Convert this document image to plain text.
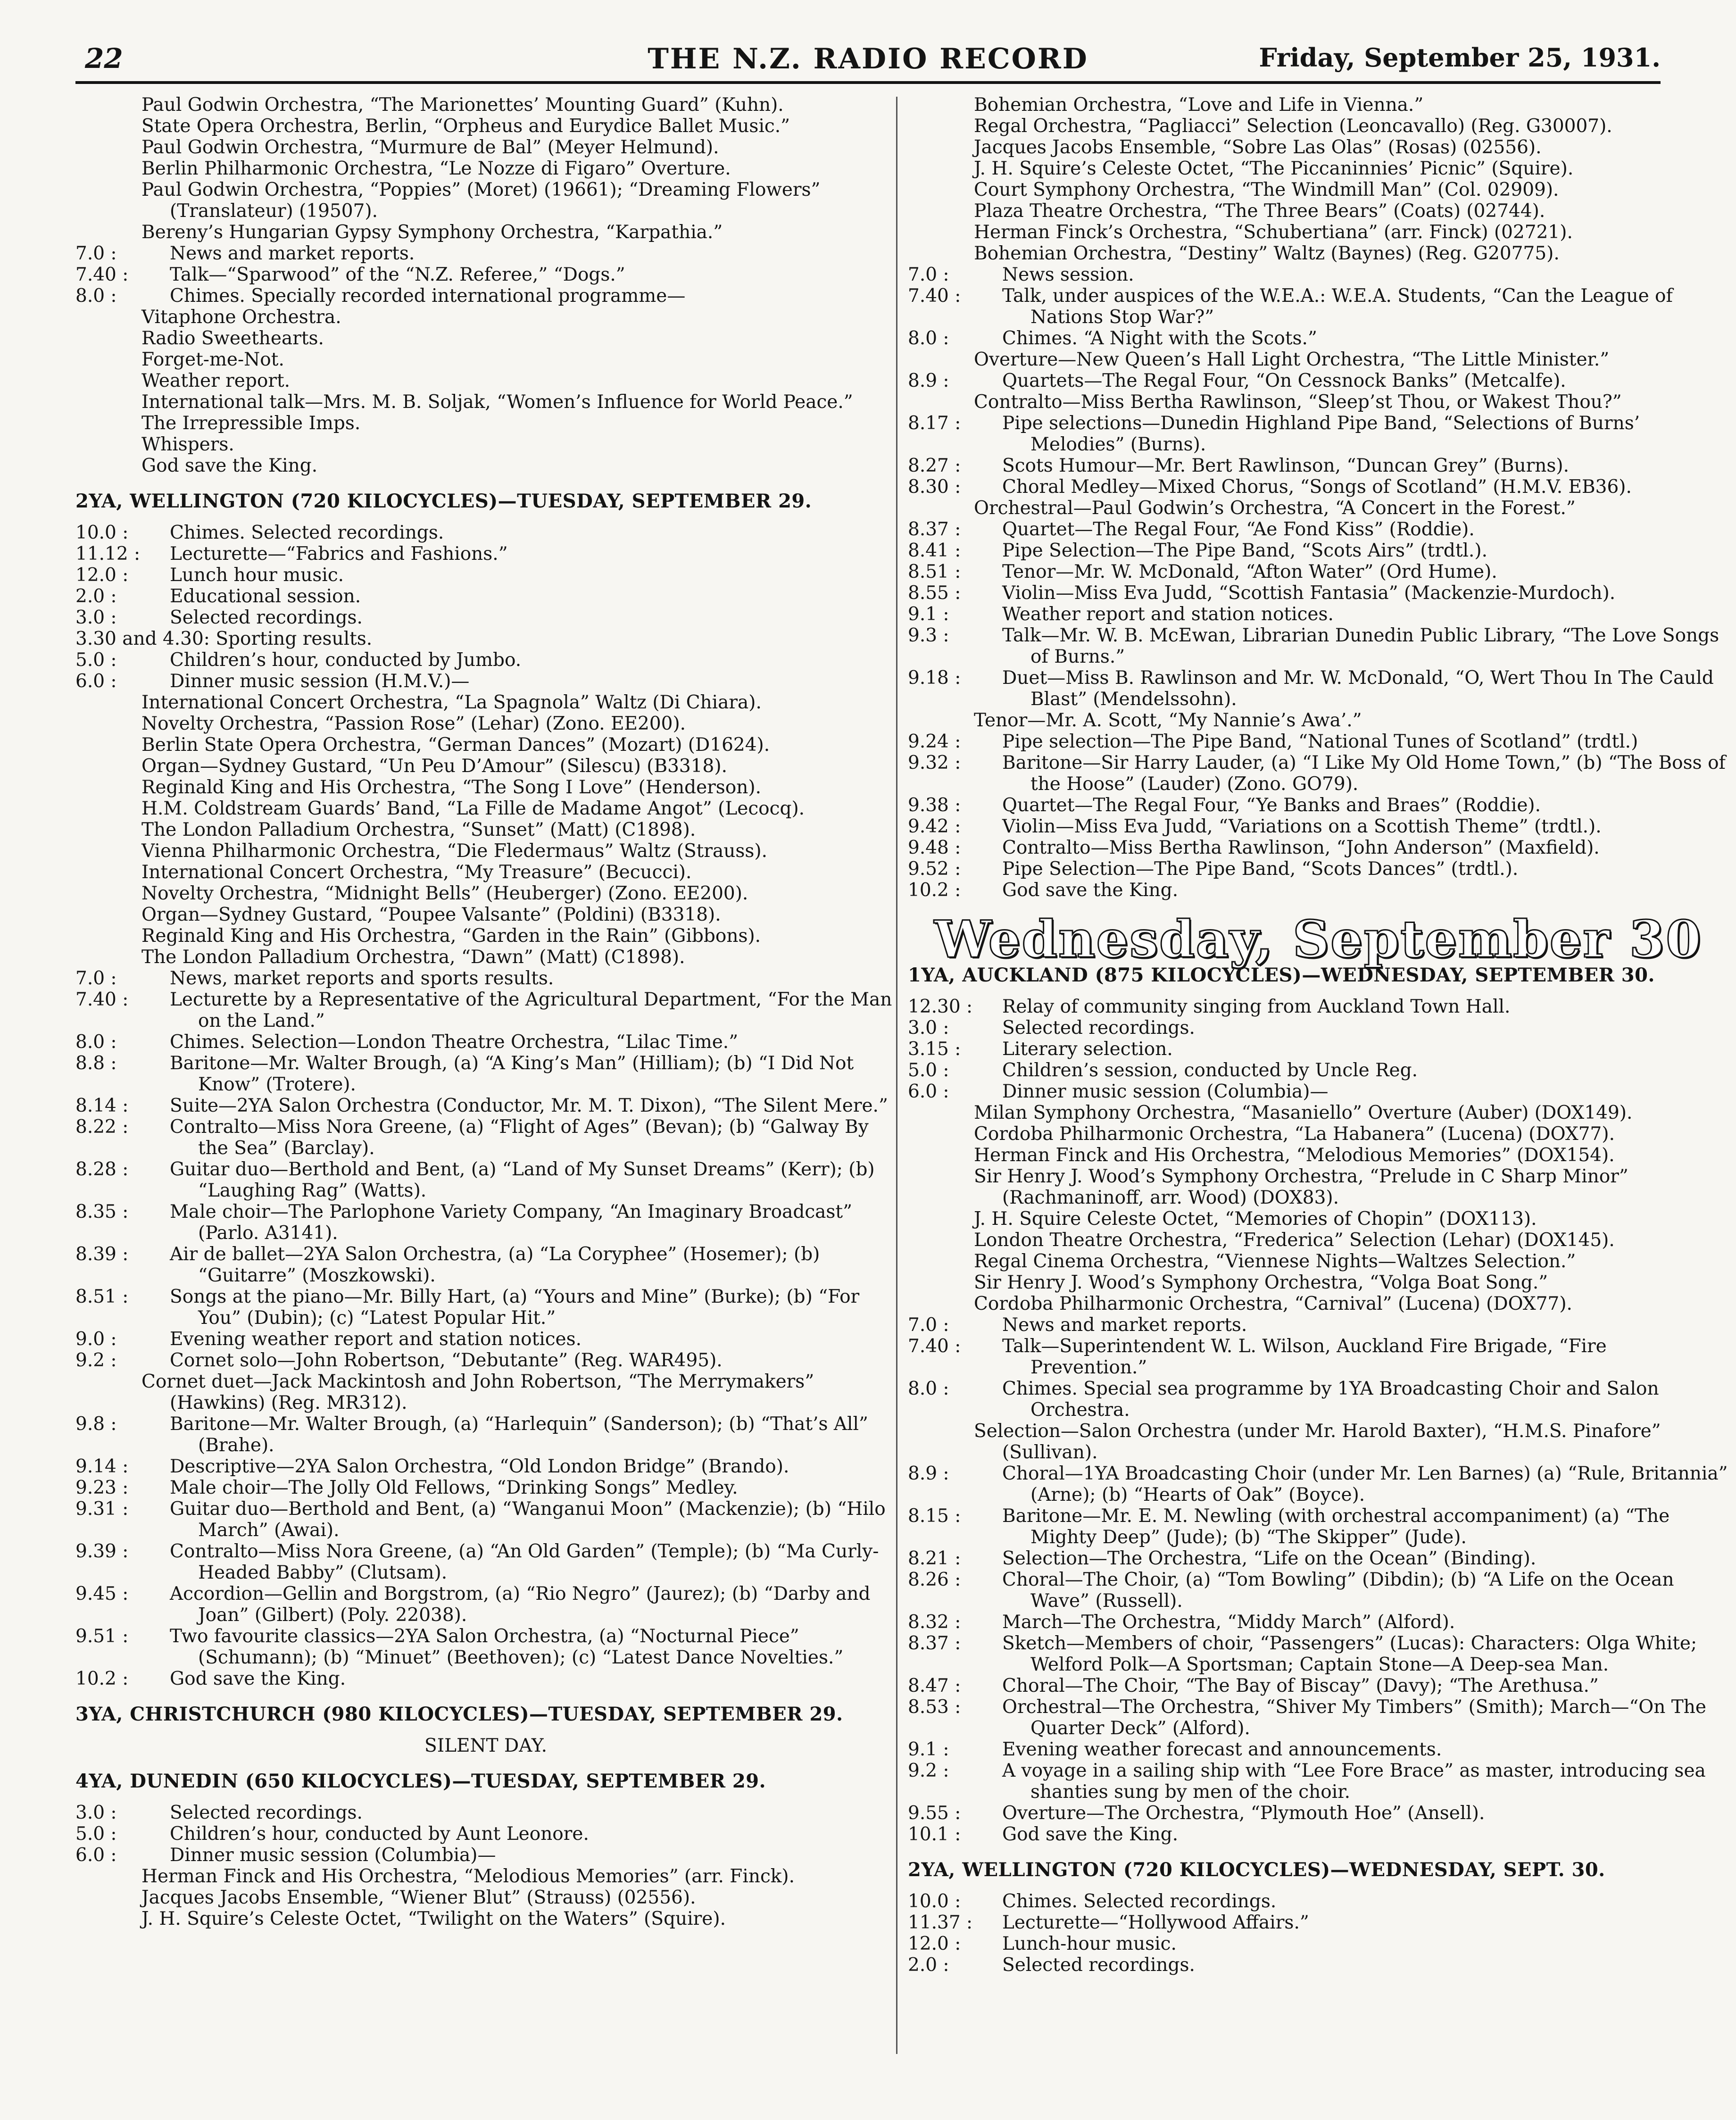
22	THE N.Z. RADIO RECORD	Friday, September 25, 1931.
Paul Godwin Orchestra, “The Marionettes’ Mounting Guard” (Kuhn).
State Opera Orchestra, Berlin, “Orpheus and Eurydice Ballet Music.”
Paul Godwin Orchestra, “Murmure de Bal” (Meyer Helmund).
Berlin Philharmonic Orchestra, “Le Nozze di Figaro” Overture.
Paul Godwin Orchestra, “Poppies” (Moret) (19661); “Dreaming Flowers” (Translateur) (19507).
Bereny’s Hungarian Gypsy Symphony Orchestra, “Karpathia.”
7.0 :	News and market reports.
7.40 :	Talk—“Sparwood” of the “N.Z. Referee,” “Dogs.”
8.0 :	Chimes. Specially recorded international programme—
Vitaphone Orchestra.
Radio Sweethearts.
Forget-me-Not.
Weather report.
International talk—Mrs. M. B. Soljak, “Women’s Influence for World Peace.”
The Irrepressible Imps.
Whispers.
God save the King.
2YA, WELLINGTON (720 KILOCYCLES)—TUESDAY, SEPTEMBER 29.
10.0 :	Chimes. Selected recordings.
11.12 :	Lecturette—“Fabrics and Fashions.”
12.0 :	Lunch hour music.
2.0 :	Educational session.
3.0 :	Selected recordings.
3.30 and 4.30: Sporting results.
5.0 :	Children’s hour, conducted by Jumbo.
6.0 :	Dinner music session (H.M.V.)—
International Concert Orchestra, “La Spagnola” Waltz (Di Chiara).
Novelty Orchestra, “Passion Rose” (Lehar) (Zono. EE200).
Berlin State Opera Orchestra, “German Dances” (Mozart) (D1624).
Organ—Sydney Gustard, “Un Peu D’Amour” (Silescu) (B3318).
Reginald King and His Orchestra, “The Song I Love” (Henderson).
H.M. Coldstream Guards’ Band, “La Fille de Madame Angot” (Lecocq).
The London Palladium Orchestra, “Sunset” (Matt) (C1898).
Vienna Philharmonic Orchestra, “Die Fledermaus” Waltz (Strauss).
International Concert Orchestra, “My Treasure” (Becucci).
Novelty Orchestra, “Midnight Bells” (Heuberger) (Zono. EE200).
Organ—Sydney Gustard, “Poupee Valsante” (Poldini) (B3318).
Reginald King and His Orchestra, “Garden in the Rain” (Gibbons).
The London Palladium Orchestra, “Dawn” (Matt) (C1898).
7.0 :	News, market reports and sports results.
7.40 :	Lecturette by a Representative of the Agricultural Department, “For the Man on the Land.”
8.0 :	Chimes. Selection—London Theatre Orchestra, “Lilac Time.”
8.8 :	Baritone—Mr. Walter Brough, (a) “A King’s Man” (Hilliam); (b) “I Did Not Know” (Trotere).
8.14 :	Suite—2YA Salon Orchestra (Conductor, Mr. M. T. Dixon), “The Silent Mere.”
8.22 :	Contralto—Miss Nora Greene, (a) “Flight of Ages” (Bevan); (b) “Galway By the Sea” (Barclay).
8.28 :	Guitar duo—Berthold and Bent, (a) “Land of My Sunset Dreams” (Kerr); (b) “Laughing Rag” (Watts).
8.35 :	Male choir—The Parlophone Variety Company, “An Imaginary Broadcast” (Parlo. A3141).
8.39 :	Air de ballet—2YA Salon Orchestra, (a) “La Coryphee” (Hosemer); (b) “Guitarre” (Moszkowski).
8.51 :	Songs at the piano—Mr. Billy Hart, (a) “Yours and Mine” (Burke); (b) “For You” (Dubin); (c) “Latest Popular Hit.”
9.0 :	Evening weather report and station notices.
9.2 :	Cornet solo—John Robertson, “Debutante” (Reg. WAR495).
Cornet duet—Jack Mackintosh and John Robertson, “The Merrymakers” (Hawkins) (Reg. MR312).
9.8 :	Baritone—Mr. Walter Brough, (a) “Harlequin” (Sanderson); (b) “That’s All” (Brahe).
9.14 :	Descriptive—2YA Salon Orchestra, “Old London Bridge” (Brando).
9.23 :	Male choir—The Jolly Old Fellows, “Drinking Songs” Medley.
9.31 :	Guitar duo—Berthold and Bent, (a) “Wanganui Moon” (Mackenzie); (b) “Hilo March” (Awai).
9.39 :	Contralto—Miss Nora Greene, (a) “An Old Garden” (Temple); (b) “Ma Curly-Headed Babby” (Clutsam).
9.45 :	Accordion—Gellin and Borgstrom, (a) “Rio Negro” (Jaurez); (b) “Darby and Joan” (Gilbert) (Poly. 22038).
9.51 :	Two favourite classics—2YA Salon Orchestra, (a) “Nocturnal Piece” (Schumann); (b) “Minuet” (Beethoven); (c) “Latest Dance Novelties.”
10.2 :	God save the King.
3YA, CHRISTCHURCH (980 KILOCYCLES)—TUESDAY, SEPTEMBER 29.
SILENT DAY.
4YA, DUNEDIN (650 KILOCYCLES)—TUESDAY, SEPTEMBER 29.
3.0 :	Selected recordings.
5.0 :	Children’s hour, conducted by Aunt Leonore.
6.0 :	Dinner music session (Columbia)—
Herman Finck and His Orchestra, “Melodious Memories” (arr. Finck).
Jacques Jacobs Ensemble, “Wiener Blut” (Strauss) (02556).
J. H. Squire’s Celeste Octet, “Twilight on the Waters” (Squire).
Bohemian Orchestra, “Love and Life in Vienna.”
Regal Orchestra, “Pagliacci” Selection (Leoncavallo) (Reg. G30007).
Jacques Jacobs Ensemble, “Sobre Las Olas” (Rosas) (02556).
J. H. Squire’s Celeste Octet, “The Piccaninnies’ Picnic” (Squire).
Court Symphony Orchestra, “The Windmill Man” (Col. 02909).
Plaza Theatre Orchestra, “The Three Bears” (Coats) (02744).
Herman Finck’s Orchestra, “Schubertiana” (arr. Finck) (02721).
Bohemian Orchestra, “Destiny” Waltz (Baynes) (Reg. G20775).
7.0 :	News session.
7.40 :	Talk, under auspices of the W.E.A.: W.E.A. Students, “Can the League of Nations Stop War?”
8.0 :	Chimes. “A Night with the Scots.”
Overture—New Queen’s Hall Light Orchestra, “The Little Minister.”
8.9 :	Quartets—The Regal Four, “On Cessnock Banks” (Metcalfe).
Contralto—Miss Bertha Rawlinson, “Sleep’st Thou, or Wakest Thou?”
8.17 :	Pipe selections—Dunedin Highland Pipe Band, “Selections of Burns’ Melodies” (Burns).
8.27 :	Scots Humour—Mr. Bert Rawlinson, “Duncan Grey” (Burns).
8.30 :	Choral Medley—Mixed Chorus, “Songs of Scotland” (H.M.V. EB36).
Orchestral—Paul Godwin’s Orchestra, “A Concert in the Forest.”
8.37 :	Quartet—The Regal Four, “Ae Fond Kiss” (Roddie).
8.41 :	Pipe Selection—The Pipe Band, “Scots Airs” (trdtl.).
8.51 :	Tenor—Mr. W. McDonald, “Afton Water” (Ord Hume).
8.55 :	Violin—Miss Eva Judd, “Scottish Fantasia” (Mackenzie-Murdoch).
9.1 :	Weather report and station notices.
9.3 :	Talk—Mr. W. B. McEwan, Librarian Dunedin Public Library, “The Love Songs of Burns.”
9.18 :	Duet—Miss B. Rawlinson and Mr. W. McDonald, “O, Wert Thou In The Cauld Blast” (Mendelssohn).
Tenor—Mr. A. Scott, “My Nannie’s Awa’.”
9.24 :	Pipe selection—The Pipe Band, “National Tunes of Scotland” (trdtl.)
9.32 :	Baritone—Sir Harry Lauder, (a) “I Like My Old Home Town,” (b) “The Boss of the Hoose” (Lauder) (Zono. GO79).
9.38 :	Quartet—The Regal Four, “Ye Banks and Braes” (Roddie).
9.42 :	Violin—Miss Eva Judd, “Variations on a Scottish Theme” (trdtl.).
9.48 :	Contralto—Miss Bertha Rawlinson, “John Anderson” (Maxfield).
9.52 :	Pipe Selection—The Pipe Band, “Scots Dances” (trdtl.).
10.2 :	God save the King.
Wednesday, September 30
1YA, AUCKLAND (875 KILOCYCLES)—WEDNESDAY, SEPTEMBER 30.
12.30 :	Relay of community singing from Auckland Town Hall.
3.0 :	Selected recordings.
3.15 :	Literary selection.
5.0 :	Children’s session, conducted by Uncle Reg.
6.0 :	Dinner music session (Columbia)—
Milan Symphony Orchestra, “Masaniello” Overture (Auber) (DOX149).
Cordoba Philharmonic Orchestra, “La Habanera” (Lucena) (DOX77).
Herman Finck and His Orchestra, “Melodious Memories” (DOX154).
Sir Henry J. Wood’s Symphony Orchestra, “Prelude in C Sharp Minor” (Rachmaninoff, arr. Wood) (DOX83).
J. H. Squire Celeste Octet, “Memories of Chopin” (DOX113).
London Theatre Orchestra, “Frederica” Selection (Lehar) (DOX145).
Regal Cinema Orchestra, “Viennese Nights—Waltzes Selection.”
Sir Henry J. Wood’s Symphony Orchestra, “Volga Boat Song.”
Cordoba Philharmonic Orchestra, “Carnival” (Lucena) (DOX77).
7.0 :	News and market reports.
7.40 :	Talk—Superintendent W. L. Wilson, Auckland Fire Brigade, “Fire Prevention.”
8.0 :	Chimes. Special sea programme by 1YA Broadcasting Choir and Salon Orchestra.
Selection—Salon Orchestra (under Mr. Harold Baxter), “H.M.S. Pinafore” (Sullivan).
8.9 :	Choral—1YA Broadcasting Choir (under Mr. Len Barnes) (a) “Rule, Britannia” (Arne); (b) “Hearts of Oak” (Boyce).
8.15 :	Baritone—Mr. E. M. Newling (with orchestral accompaniment) (a) “The Mighty Deep” (Jude); (b) “The Skipper” (Jude).
8.21 :	Selection—The Orchestra, “Life on the Ocean” (Binding).
8.26 :	Choral—The Choir, (a) “Tom Bowling” (Dibdin); (b) “A Life on the Ocean Wave” (Russell).
8.32 :	March—The Orchestra, “Middy March” (Alford).
8.37 :	Sketch—Members of choir, “Passengers” (Lucas): Characters: Olga White; Welford Polk—A Sportsman; Captain Stone—A Deep-sea Man.
8.47 :	Choral—The Choir, “The Bay of Biscay” (Davy); “The Arethusa.”
8.53 :	Orchestral—The Orchestra, “Shiver My Timbers” (Smith); March—“On The Quarter Deck” (Alford).
9.1 :	Evening weather forecast and announcements.
9.2 :	A voyage in a sailing ship with “Lee Fore Brace” as master, introducing sea shanties sung by men of the choir.
9.55 :	Overture—The Orchestra, “Plymouth Hoe” (Ansell).
10.1 :	God save the King.
2YA, WELLINGTON (720 KILOCYCLES)—WEDNESDAY, SEPT. 30.
10.0 :	Chimes. Selected recordings.
11.37 :	Lecturette—“Hollywood Affairs.”
12.0 :	Lunch-hour music.
2.0 :	Selected recordings.
